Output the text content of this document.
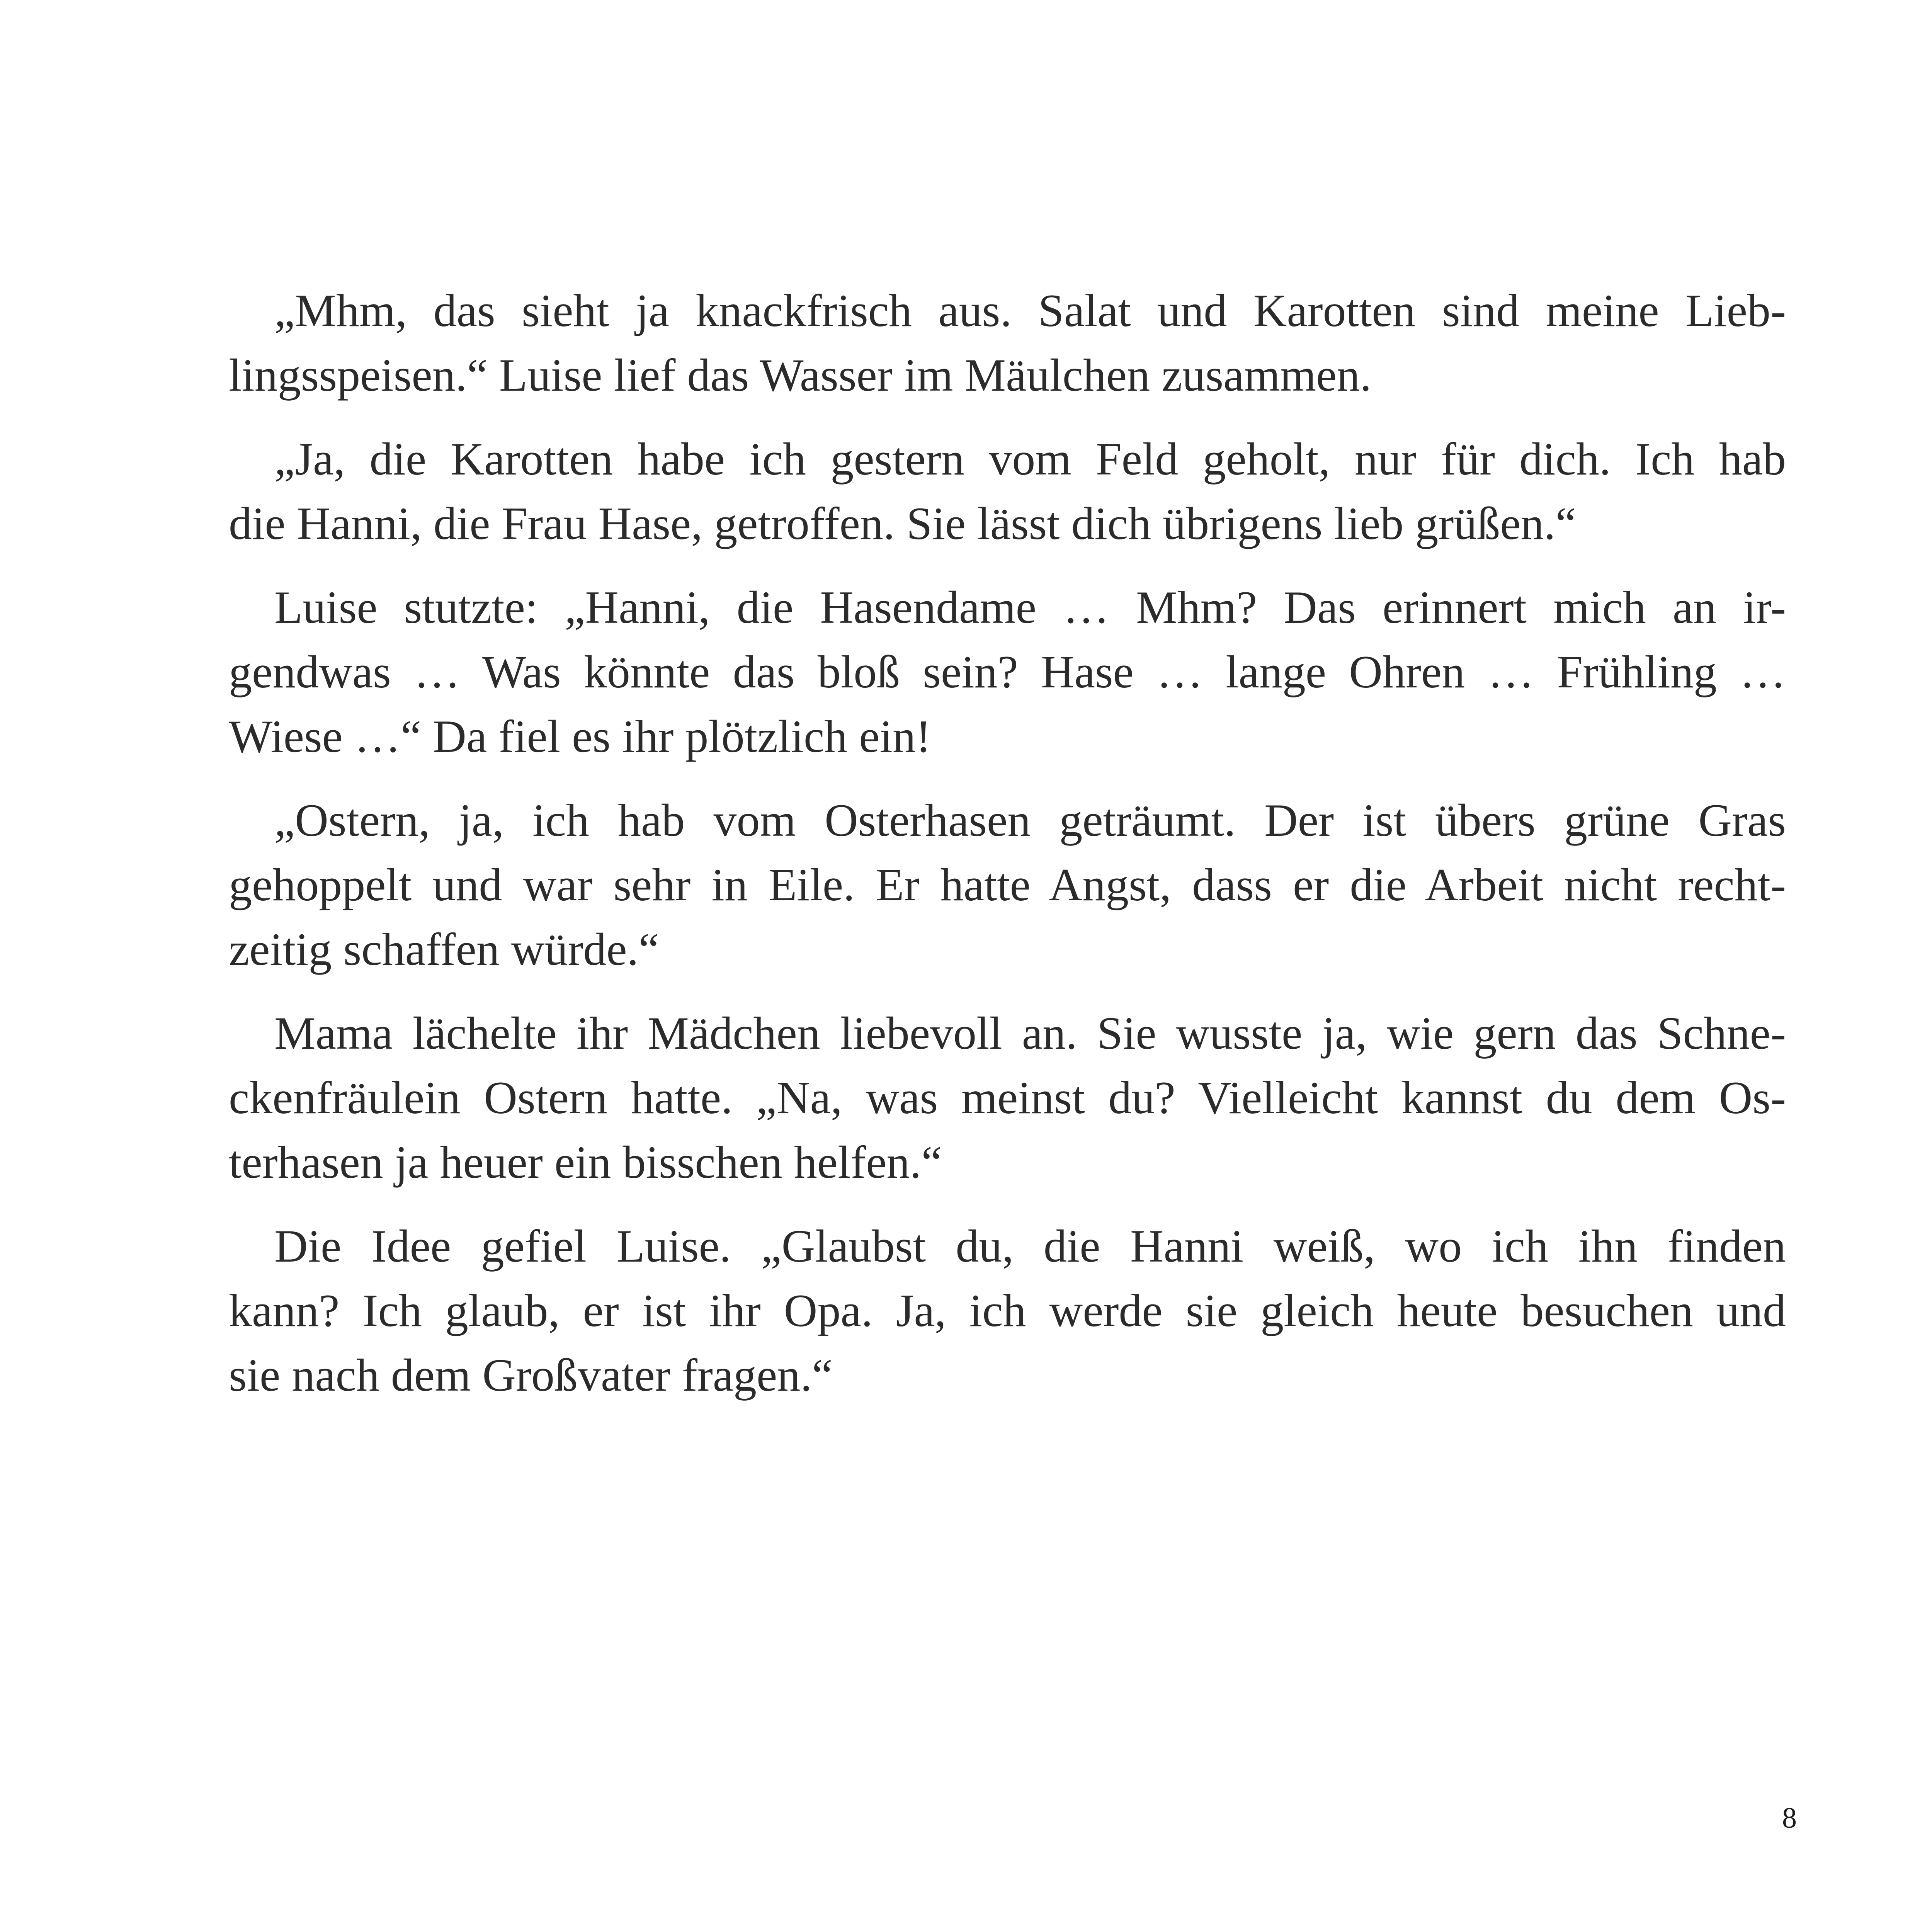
„Mhm, das sieht ja knackfrisch aus. Salat und Karotten sind meine Lieb-
lingsspeisen.“ Luise lief das Wasser im Mäulchen zusammen.

„Ja, die Karotten habe ich gestern vom Feld geholt, nur für dich. Ich hab
die Hanni, die Frau Hase, getroffen. Sie lässt dich übrigens lieb grüßen.“

Luise stutzte: „Hanni, die Hasendame … Mhm? Das erinnert mich an ir-
gendwas … Was könnte das bloß sein? Hase … lange Ohren … Frühling …
Wiese …“ Da fiel es ihr plötzlich ein!

„Ostern, ja, ich hab vom Osterhasen geträumt. Der ist übers grüne Gras
gehoppelt und war sehr in Eile. Er hatte Angst, dass er die Arbeit nicht recht-
zeitig schaffen würde.“

Mama lächelte ihr Mädchen liebevoll an. Sie wusste ja, wie gern das Schne-
ckenfräulein Ostern hatte. „Na, was meinst du? Vielleicht kannst du dem Os-
terhasen ja heuer ein bisschen helfen.“

Die Idee gefiel Luise. „Glaubst du, die Hanni weiß, wo ich ihn finden
kann? Ich glaub, er ist ihr Opa. Ja, ich werde sie gleich heute besuchen und
sie nach dem Großvater fragen.“

8
